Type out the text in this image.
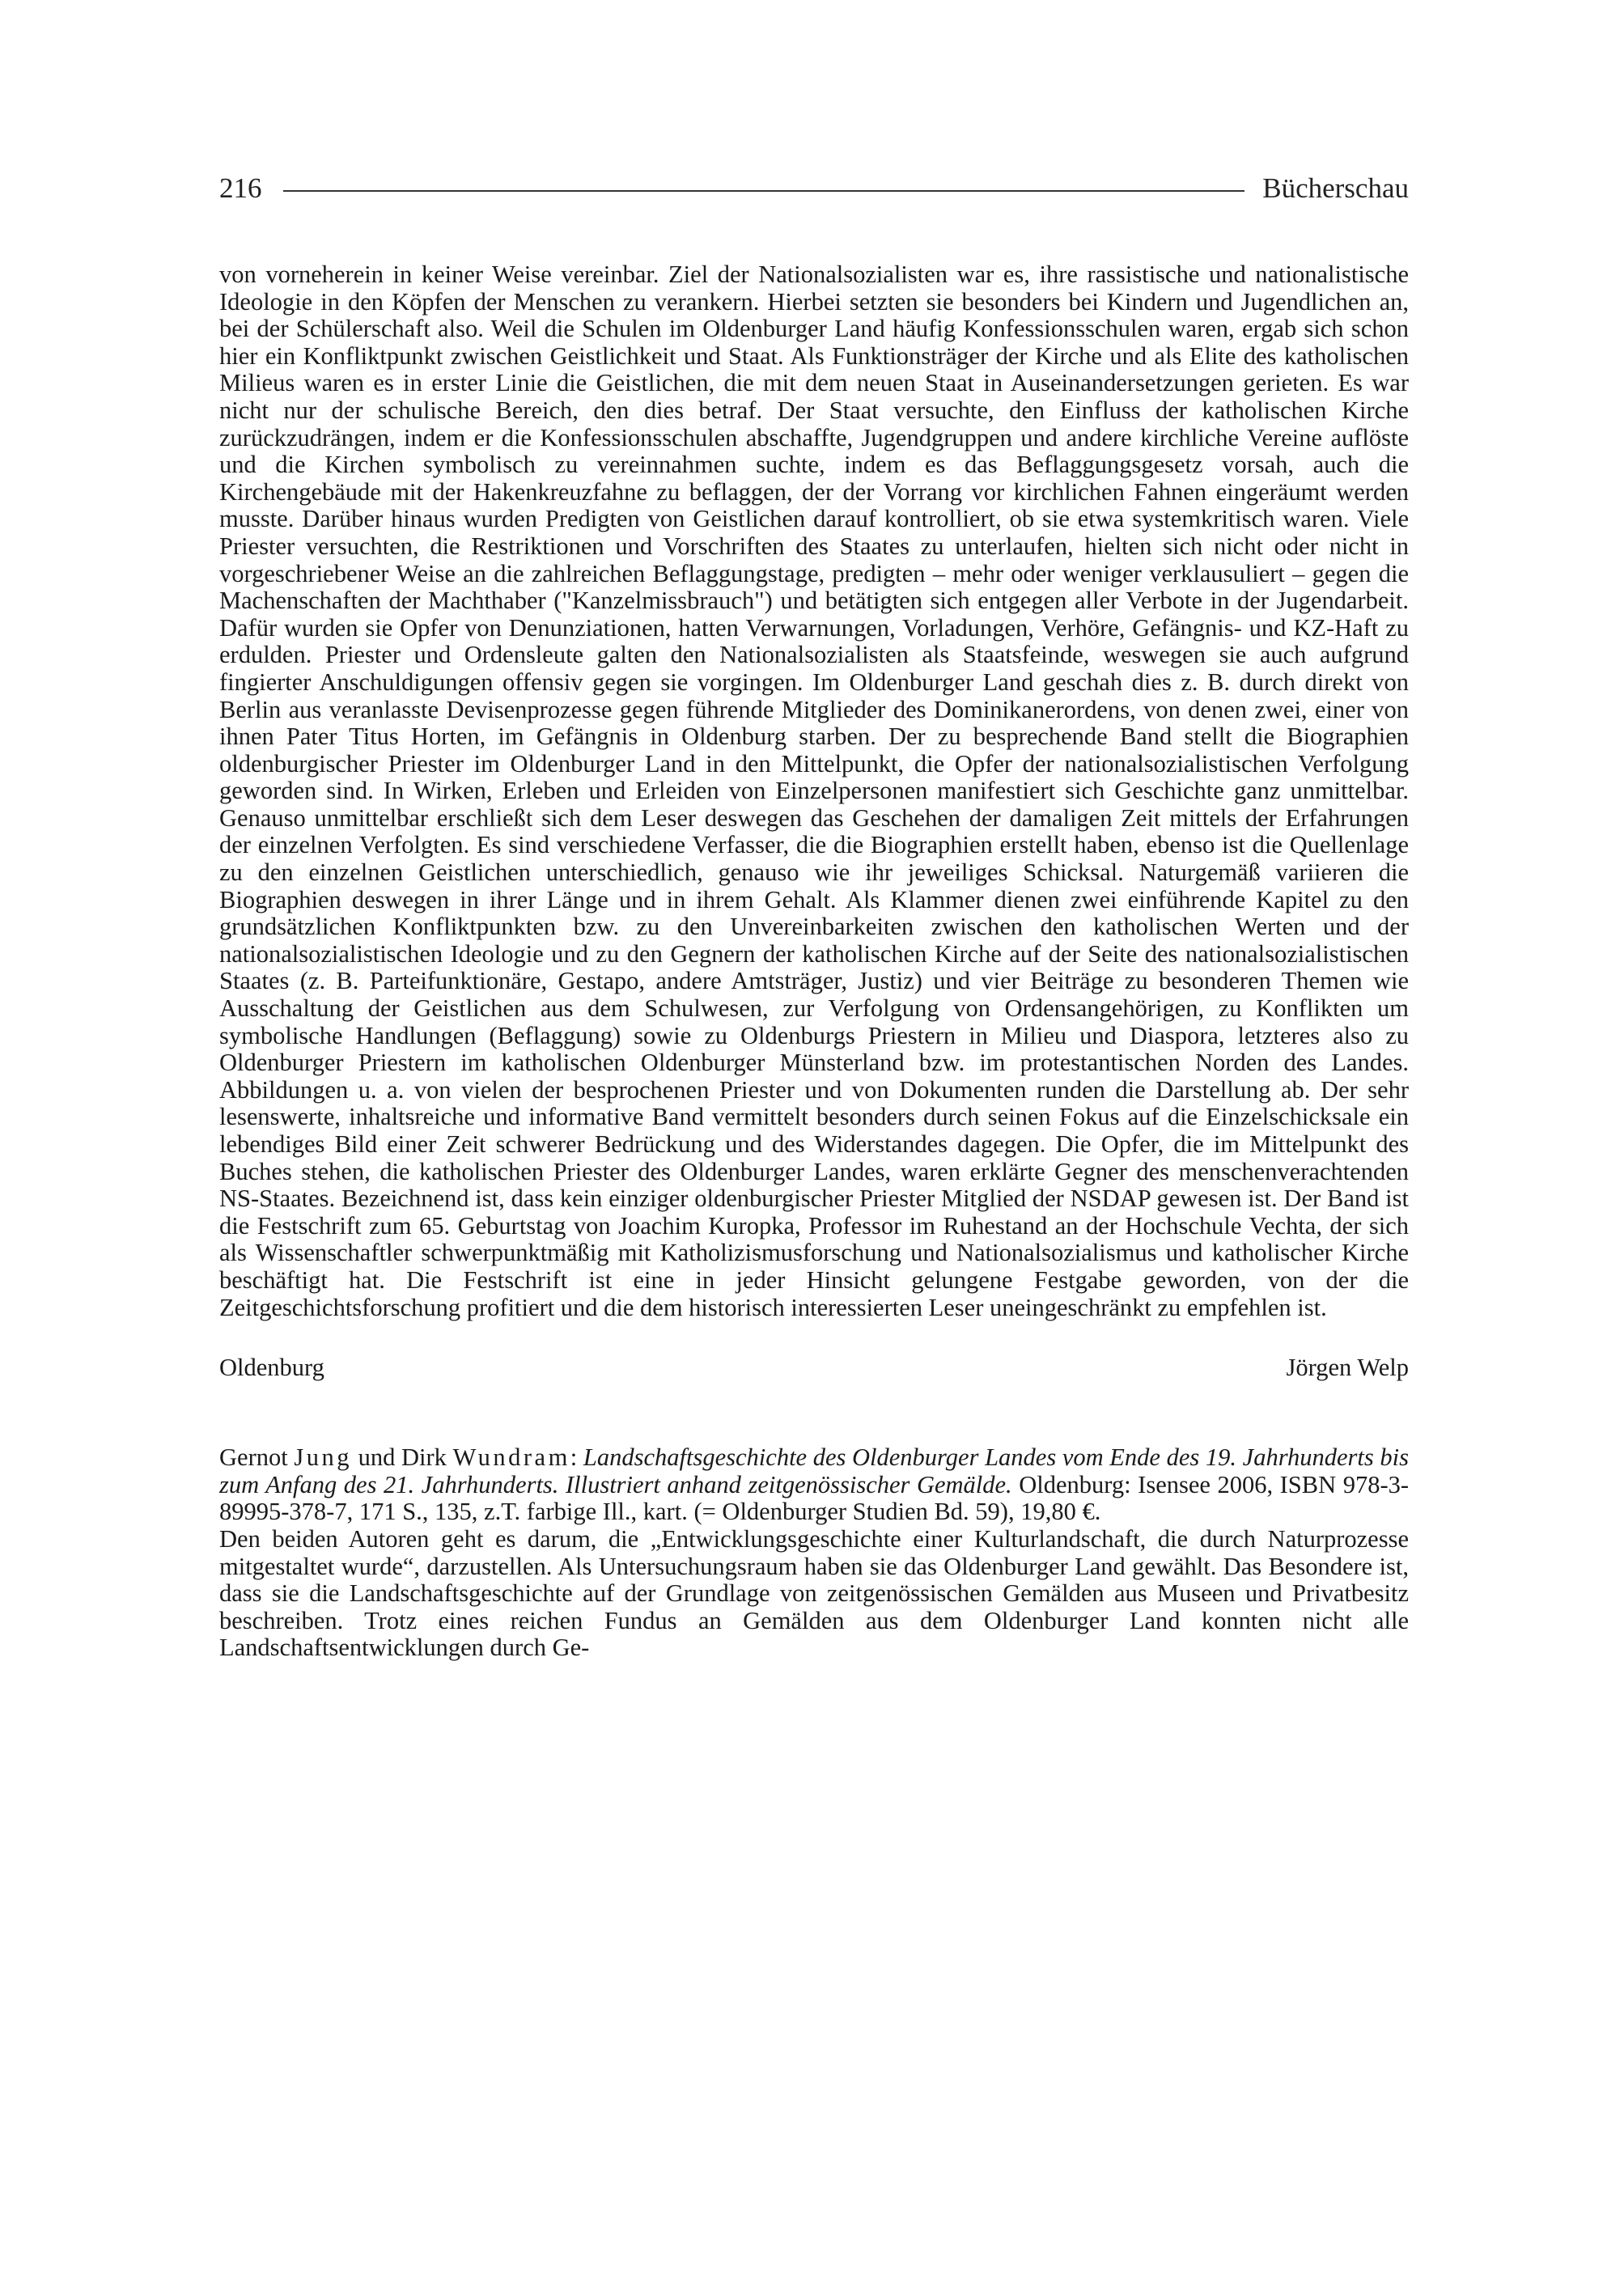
216	Bücherschau

von vorneherein in keiner Weise vereinbar. Ziel der Nationalsozialisten war es, ihre rassistische und nationalistische Ideologie in den Köpfen der Menschen zu verankern. Hierbei setzten sie besonders bei Kindern und Jugendlichen an, bei der Schülerschaft also. Weil die Schulen im Oldenburger Land häufig Konfessionsschulen waren, ergab sich schon hier ein Konfliktpunkt zwischen Geistlichkeit und Staat. Als Funktionsträger der Kirche und als Elite des katholischen Milieus waren es in erster Linie die Geistlichen, die mit dem neuen Staat in Auseinandersetzungen gerieten. Es war nicht nur der schulische Bereich, den dies betraf. Der Staat versuchte, den Einfluss der katholischen Kirche zurückzudrängen, indem er die Konfessionsschulen abschaffte, Jugendgruppen und andere kirchliche Vereine auflöste und die Kirchen symbolisch zu vereinnahmen suchte, indem es das Beflaggungsgesetz vorsah, auch die Kirchengebäude mit der Hakenkreuzfahne zu beflaggen, der der Vorrang vor kirchlichen Fahnen eingeräumt werden musste. Darüber hinaus wurden Predigten von Geistlichen darauf kontrolliert, ob sie etwa systemkritisch waren. Viele Priester versuchten, die Restriktionen und Vorschriften des Staates zu unterlaufen, hielten sich nicht oder nicht in vorgeschriebener Weise an die zahlreichen Beflaggungstage, predigten – mehr oder weniger verklausuliert – gegen die Machenschaften der Machthaber ("Kanzelmissbrauch") und betätigten sich entgegen aller Verbote in der Jugendarbeit. Dafür wurden sie Opfer von Denunziationen, hatten Verwarnungen, Vorladungen, Verhöre, Gefängnis- und KZ-Haft zu erdulden. Priester und Ordensleute galten den Nationalsozialisten als Staatsfeinde, weswegen sie auch aufgrund fingierter Anschuldigungen offensiv gegen sie vorgingen. Im Oldenburger Land geschah dies z. B. durch direkt von Berlin aus veranlasste Devisenprozesse gegen führende Mitglieder des Dominikanerordens, von denen zwei, einer von ihnen Pater Titus Horten, im Gefängnis in Oldenburg starben. Der zu besprechende Band stellt die Biographien oldenburgischer Priester im Oldenburger Land in den Mittelpunkt, die Opfer der nationalsozialistischen Verfolgung geworden sind. In Wirken, Erleben und Erleiden von Einzelpersonen manifestiert sich Geschichte ganz unmittelbar. Genauso unmittelbar erschließt sich dem Leser deswegen das Geschehen der damaligen Zeit mittels der Erfahrungen der einzelnen Verfolgten. Es sind verschiedene Verfasser, die die Biographien erstellt haben, ebenso ist die Quellenlage zu den einzelnen Geistlichen unterschiedlich, genauso wie ihr jeweiliges Schicksal. Naturgemäß variieren die Biographien deswegen in ihrer Länge und in ihrem Gehalt. Als Klammer dienen zwei einführende Kapitel zu den grundsätzlichen Konfliktpunkten bzw. zu den Unvereinbarkeiten zwischen den katholischen Werten und der nationalsozialistischen Ideologie und zu den Gegnern der katholischen Kirche auf der Seite des nationalsozialistischen Staates (z. B. Parteifunktionäre, Gestapo, andere Amtsträger, Justiz) und vier Beiträge zu besonderen Themen wie Ausschaltung der Geistlichen aus dem Schulwesen, zur Verfolgung von Ordensangehörigen, zu Konflikten um symbolische Handlungen (Beflaggung) sowie zu Oldenburgs Priestern in Milieu und Diaspora, letzteres also zu Oldenburger Priestern im katholischen Oldenburger Münsterland bzw. im protestantischen Norden des Landes. Abbildungen u. a. von vielen der besprochenen Priester und von Dokumenten runden die Darstellung ab. Der sehr lesenswerte, inhaltsreiche und informative Band vermittelt besonders durch seinen Fokus auf die Einzelschicksale ein lebendiges Bild einer Zeit schwerer Bedrückung und des Widerstandes dagegen. Die Opfer, die im Mittelpunkt des Buches stehen, die katholischen Priester des Oldenburger Landes, waren erklärte Gegner des menschenverachtenden NS-Staates. Bezeichnend ist, dass kein einziger oldenburgischer Priester Mitglied der NSDAP gewesen ist. Der Band ist die Festschrift zum 65. Geburtstag von Joachim Kuropka, Professor im Ruhestand an der Hochschule Vechta, der sich als Wissenschaftler schwerpunktmäßig mit Katholizismusforschung und Nationalsozialismus und katholischer Kirche beschäftigt hat. Die Festschrift ist eine in jeder Hinsicht gelungene Festgabe geworden, von der die Zeitgeschichtsforschung profitiert und die dem historisch interessierten Leser uneingeschränkt zu empfehlen ist.

Oldenburg	Jörgen Welp
Gernot Jung und Dirk Wundram: Landschaftsgeschichte des Oldenburger Landes vom Ende des 19. Jahrhunderts bis zum Anfang des 21. Jahrhunderts. Illustriert anhand zeitgenössischer Gemälde. Oldenburg: Isensee 2006, ISBN 978-3-89995-378-7, 171 S., 135, z.T. farbige Ill., kart. (= Oldenburger Studien Bd. 59), 19,80 €.

Den beiden Autoren geht es darum, die „Entwicklungsgeschichte einer Kulturlandschaft, die durch Naturprozesse mitgestaltet wurde“, darzustellen. Als Untersuchungsraum haben sie das Oldenburger Land gewählt. Das Besondere ist, dass sie die Landschaftsgeschichte auf der Grundlage von zeitgenössischen Gemälden aus Museen und Privatbesitz beschreiben. Trotz eines reichen Fundus an Gemälden aus dem Oldenburger Land konnten nicht alle Landschaftsentwicklungen durch Ge-
